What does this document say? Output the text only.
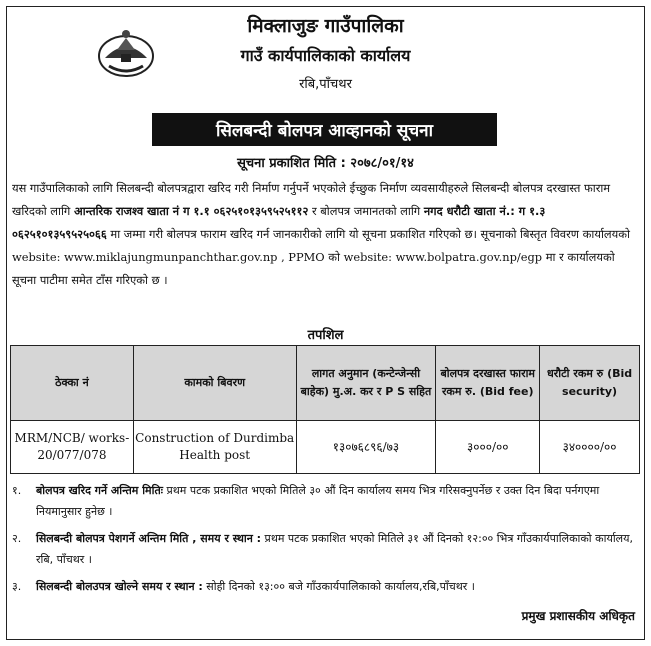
मिक्लाजुङ गाउँपालिका
गाउँ कार्यपालिकाको कार्यालय
रबि,पाँचथर
सिलबन्दी बोलपत्र आव्हानको सूचना
सूचना प्रकाशित मिति : २०७८/०१/१४
यस गाउँपालिकाको लागि सिलबन्दी बोलपत्रद्वारा खरिद गरी निर्माण गर्नुपर्ने भएकोले ईच्छुक निर्माण व्यवसायीहरुले सिलबन्दी बोलपत्र दरखास्त फाराम खरिदको लागि आन्तरिक राजश्व खाता नं ग १.१ ०६२५१०१३५९५२५११२ र बोलपत्र जमानतको लागि नगद धरौटी खाता नं.: ग १.३ ०६२५१०१३५९५२५०६६ मा जम्मा गरी बोलपत्र फाराम खरिद गर्न जानकारीको लागि यो सूचना प्रकाशित गरिएको छ। सूचनाको बिस्तृत विवरण कार्यालयको website: www.miklajungmunpanchthar.gov.np , PPMO को website: www.bolpatra.gov.np/egp मा र कार्यालयको सूचना पाटीमा समेत टाँस गरिएको छ ।
तपशिल
ठेक्का नं	कामको बिवरण	लागत अनुमान (कन्टेन्जेन्सी बाहेक) मु.अ. कर र P S सहित	बोलपत्र दरखास्त फाराम रकम रु. (Bid fee)	धरौटी रकम रु (Bid security)
MRM/NCB/ works-20/077/078	Construction of Durdimba Health post	१३०७६८९६/७३	३०००/००	३४००००/००
१.	बोलपत्र खरिद गर्ने अन्तिम मितिः प्रथम पटक प्रकाशित भएको मितिले ३० औं दिन कार्यालय समय भित्र गरिसक्नुपर्नेछ र उक्त दिन बिदा पर्नगएमा नियमानुसार हुनेछ ।
२.	सिलबन्दी बोलपत्र पेशगर्ने अन्तिम मिति , समय र स्थान : प्रथम पटक प्रकाशित भएको मितिले ३१ औं दिनको १२:०० भित्र गाँउकार्यपालिकाको कार्यालय, रबि, पाँचथर ।
३.	सिलबन्दी बोलउपत्र खोल्ने समय र स्थान : सोही दिनको १३:०० बजे गाँउकार्यपालिकाको कार्यालय,रबि,पाँचथर ।
प्रमुख प्रशासकीय अधिकृत
